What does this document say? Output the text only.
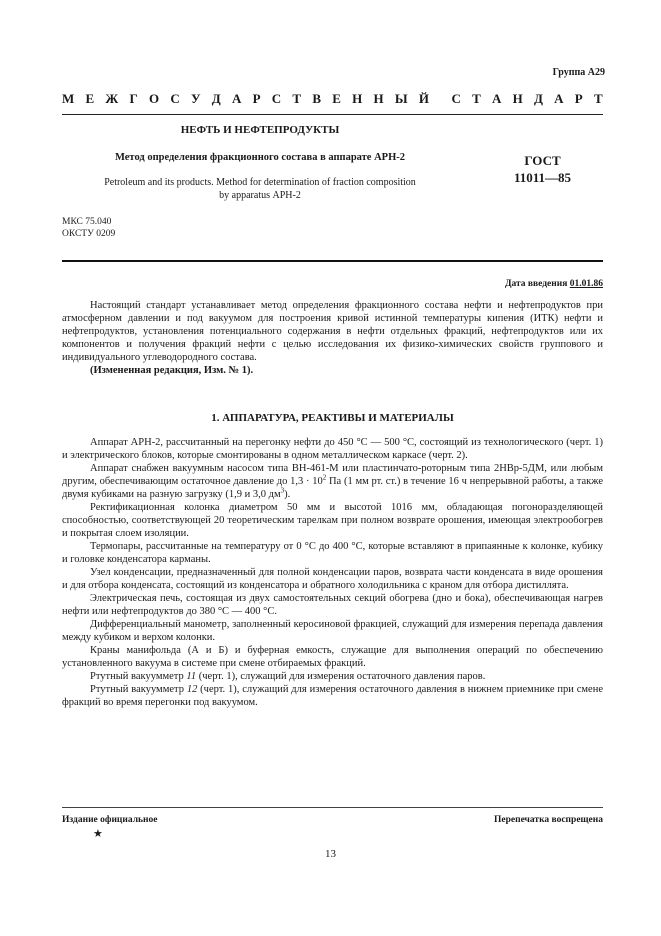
Группа А29
М Е Ж Г О С У Д А Р С Т В Е Н Н Ы Й С Т А Н Д А Р Т
НЕФТЬ И НЕФТЕПРОДУКТЫ
Метод определения фракционного состава в аппарате АРН-2
Petroleum and its products. Method for determination of fraction composition
by apparatus АРН-2
ГОСТ
11011—85
МКС 75.040
ОКСТУ 0209
Дата введения 01.01.86

Настоящий стандарт устанавливает метод определения фракционного состава нефти и нефтепродуктов при атмосферном давлении и под вакуумом для построения кривой истинной температуры кипения (ИТК) нефти и нефтепродуктов, установления потенциального содержания в нефти отдельных фракций, нефтепродуктов или их компонентов и получения фракций нефти с целью исследования их физико-химических свойств группового и индивидуального углеводородного состава.

(Измененная редакция, Изм. № 1).

1. АППАРАТУРА, РЕАКТИВЫ И МАТЕРИАЛЫ

Аппарат АРН-2, рассчитанный на перегонку нефти до 450 °С — 500 °С, состоящий из технологического (черт. 1) и электрического блоков, которые смонтированы в одном металлическом каркасе (черт. 2).

Аппарат снабжен вакуумным насосом типа ВН-461-М или пластинчато-роторным типа 2НВр-5ДМ, или любым другим, обеспечивающим остаточное давление до $1,3 \cdot 10^2$ Па (1 мм рт. ст.) в течение 16 ч непрерывной работы, а также двумя кубиками на разную загрузку (1,9 и 3,0 $дм^3$).

Ректификационная колонка диаметром 50 мм и высотой 1016 мм, обладающая погоноразделяющей способностью, соответствующей 20 теоретическим тарелкам при полном возврате орошения, имеющая электрообогрев и покрытая слоем изоляции.

Термопары, рассчитанные на температуру от 0 °С до 400 °С, которые вставляют в припаянные к колонке, кубику и головке конденсатора карманы.

Узел конденсации, предназначенный для полной конденсации паров, возврата части конденсата в виде орошения и для отбора конденсата, состоящий из конденсатора и обратного холодильника с краном для отбора дистиллята.

Электрическая печь, состоящая из двух самостоятельных секций обогрева (дно и бока), обеспечивающая нагрев нефти или нефтепродуктов до 380 °С — 400 °С.

Дифференциальный манометр, заполненный керосиновой фракцией, служащий для измерения перепада давления между кубиком и верхом колонки.

Краны манифольда (А и Б) и буферная емкость, служащие для выполнения операций по обеспечению установленного вакуума в системе при смене отбираемых фракций.

Ртутный вакуумметр 11 (черт. 1), служащий для измерения остаточного давления паров.

Ртутный вакуумметр 12 (черт. 1), служащий для измерения остаточного давления в нижнем приемнике при смене фракций во время перегонки под вакуумом.

Издание официальное
★
Перепечатка воспрещена
13
